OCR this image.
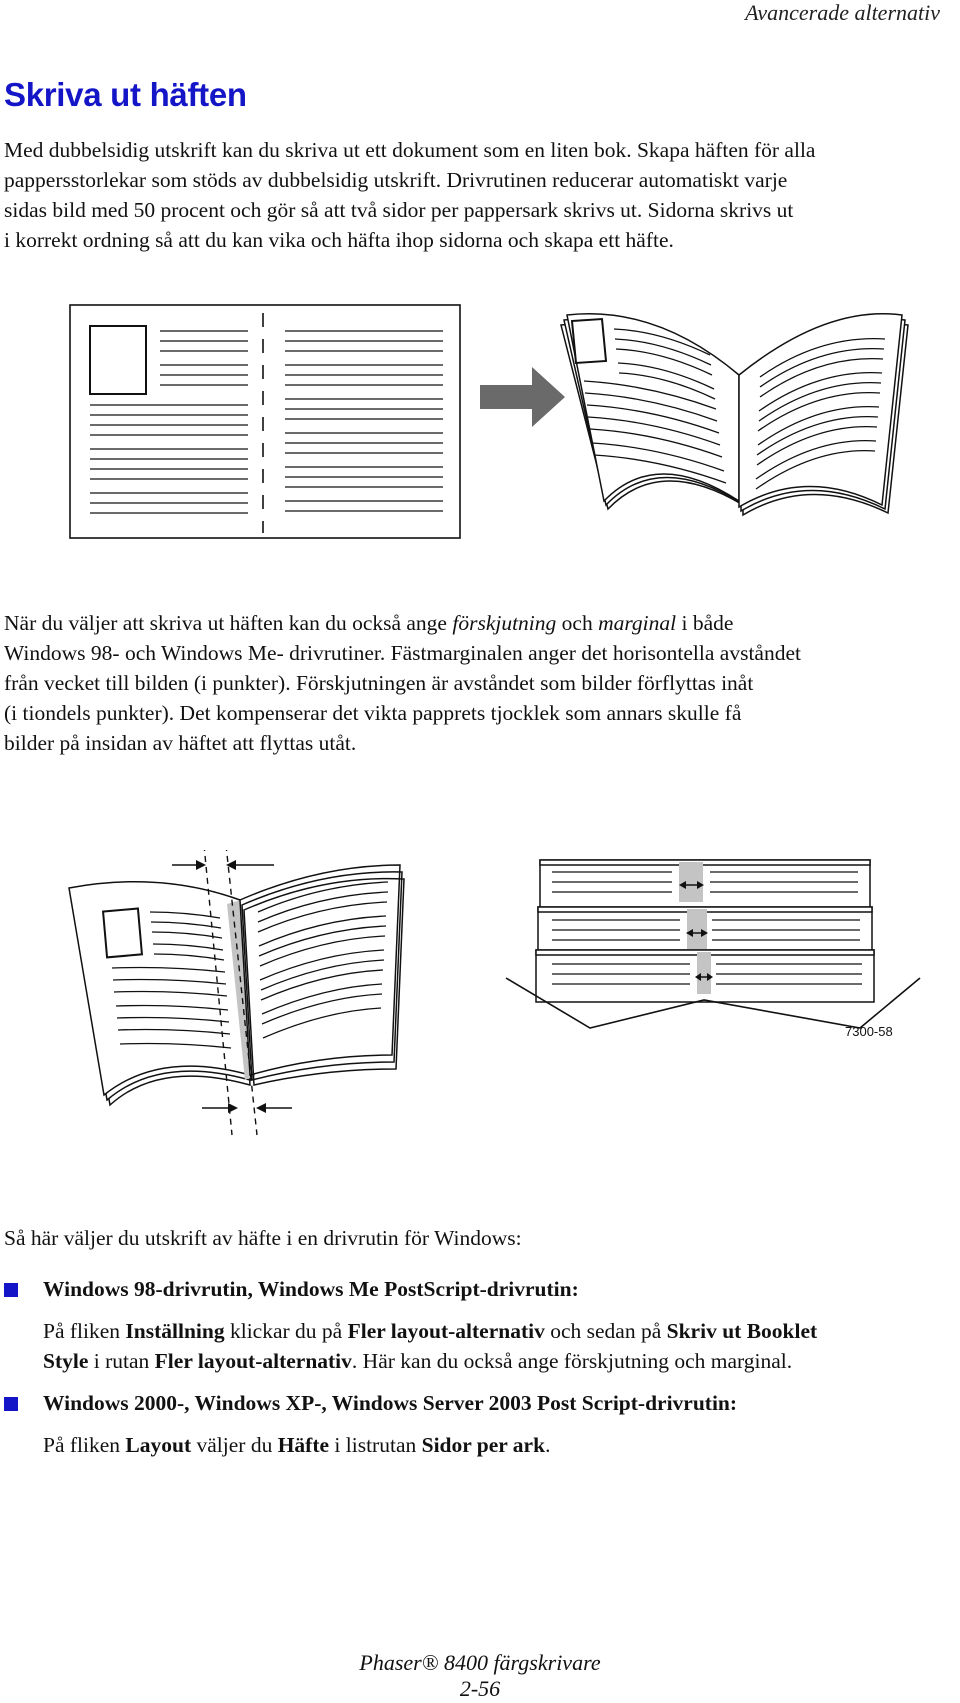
Avancerade alternativ
Skriva ut häften
Med dubbelsidig utskrift kan du skriva ut ett dokument som en liten bok. Skapa häften för alla
pappersstorlekar som stöds av dubbelsidig utskrift. Drivrutinen reducerar automatiskt varje
sidas bild med 50 procent och gör så att två sidor per pappersark skrivs ut. Sidorna skrivs ut
i korrekt ordning så att du kan vika och häfta ihop sidorna och skapa ett häfte.
När du väljer att skriva ut häften kan du också ange förskjutning och marginal i både
Windows 98- och Windows Me- drivrutiner. Fästmarginalen anger det horisontella avståndet
från vecket till bilden (i punkter). Förskjutningen är avståndet som bilder förflyttas inåt
(i tiondels punkter). Det kompenserar det vikta papprets tjocklek som annars skulle få
bilder på insidan av häftet att flyttas utåt.
7300-58
Så här väljer du utskrift av häfte i en drivrutin för Windows:
Windows 98-drivrutin, Windows Me PostScript-drivrutin:
På fliken Inställning klickar du på Fler layout-alternativ och sedan på Skriv ut Booklet
Style i rutan Fler layout-alternativ. Här kan du också ange förskjutning och marginal.
Windows 2000-, Windows XP-, Windows Server 2003 Post Script-drivrutin:
På fliken Layout väljer du Häfte i listrutan Sidor per ark.
Phaser® 8400 färgskrivare
2-56
